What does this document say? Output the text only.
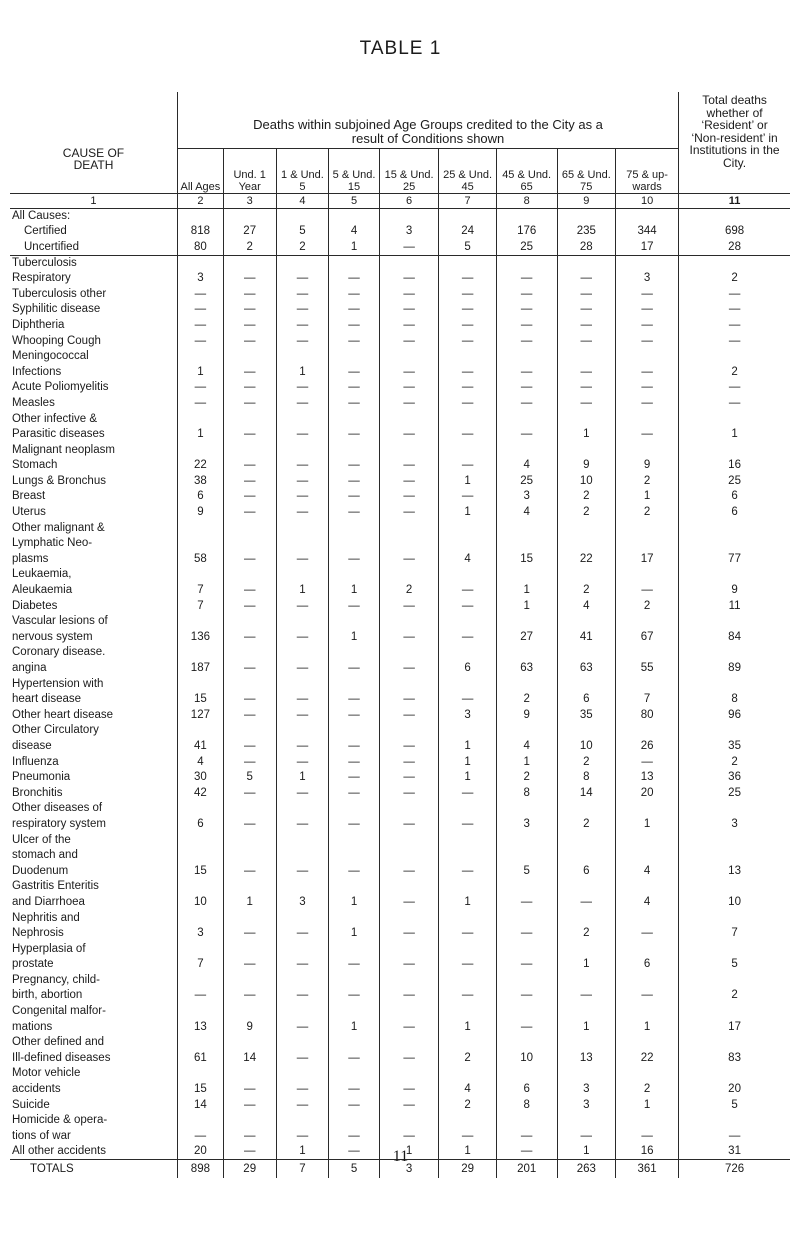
TABLE 1
CAUSE OF DEATH	Deaths within subjoined Age Groups credited to the City as a result of Conditions shown									Total deaths whether of ‘Resident’ or ‘Non-resident’ in Institutions in the City.

	All Ages	Und. 1 Year	1 & Und. 5	5 & Und. 15	15 & Und. 25	25 & Und. 45	45 & Und. 65	65 & Und. 75	75 & up-wards	
1	2	3	4	5	6	7	8	9	10	11
All Causes:										
Certified	818	27	5	4	3	24	176	235	344	698
Uncertified	80	2	2	1	—	5	25	28	17	28
Tuberculosis										
Respiratory	3	—	—	—	—	—	—	—	3	2
Tuberculosis other	—	—	—	—	—	—	—	—	—	—
Syphilitic disease	—	—	—	—	—	—	—	—	—	—
Diphtheria	—	—	—	—	—	—	—	—	—	—
Whooping Cough	—	—	—	—	—	—	—	—	—	—
Meningococcal										
Infections	1	—	1	—	—	—	—	—	—	2
Acute Poliomyelitis	—	—	—	—	—	—	—	—	—	—
Measles	—	—	—	—	—	—	—	—	—	—
Other infective &										
Parasitic diseases	1	—	—	—	—	—	—	1	—	1
Malignant neoplasm										
Stomach	22	—	—	—	—	—	4	9	9	16
Lungs & Bronchus	38	—	—	—	—	1	25	10	2	25
Breast	6	—	—	—	—	—	3	2	1	6
Uterus	9	—	—	—	—	1	4	2	2	6
Other malignant &										
Lymphatic Neo-										
plasms	58	—	—	—	—	4	15	22	17	77
Leukaemia,										
Aleukaemia	7	—	1	1	2	—	1	2	—	9
Diabetes	7	—	—	—	—	—	1	4	2	11
Vascular lesions of										
nervous system	136	—	—	1	—	—	27	41	67	84
Coronary disease.										
angina	187	—	—	—	—	6	63	63	55	89
Hypertension with										
heart disease	15	—	—	—	—	—	2	6	7	8
Other heart disease	127	—	—	—	—	3	9	35	80	96
Other Circulatory										
disease	41	—	—	—	—	1	4	10	26	35
Influenza	4	—	—	—	—	1	1	2	—	2
Pneumonia	30	5	1	—	—	1	2	8	13	36
Bronchitis	42	—	—	—	—	—	8	14	20	25
Other diseases of										
respiratory system	6	—	—	—	—	—	3	2	1	3
Ulcer of the										
stomach and										
Duodenum	15	—	—	—	—	—	5	6	4	13
Gastritis Enteritis										
and Diarrhoea	10	1	3	1	—	1	—	—	4	10
Nephritis and										
Nephrosis	3	—	—	1	—	—	—	2	—	7
Hyperplasia of										
prostate	7	—	—	—	—	—	—	1	6	5
Pregnancy, child-										
birth, abortion	—	—	—	—	—	—	—	—	—	2
Congenital malfor-										
mations	13	9	—	1	—	1	—	1	1	17
Other defined and										
Ill-defined diseases	61	14	—	—	—	2	10	13	22	83
Motor vehicle										
accidents	15	—	—	—	—	4	6	3	2	20
Suicide	14	—	—	—	—	2	8	3	1	5
Homicide & opera-										
tions of war	—	—	—	—	—	—	—	—	—	—
All other accidents	20	—	1	—	1	1	—	1	16	31
TOTALS	898	29	7	5	3	29	201	263	361	726
11
